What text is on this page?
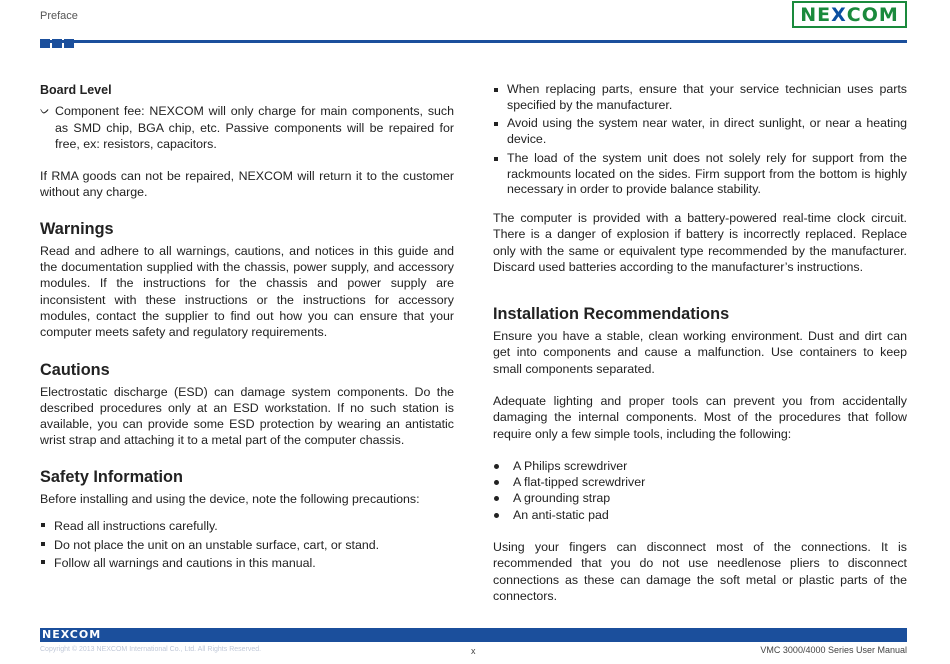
Preface	NE X COM

Board Level

ᨆ Component fee: NEXCOM will only charge for main components, such as SMD chip, BGA chip, etc. Passive components will be repaired for free, ex: resistors, capacitors.

If RMA goods can not be repaired, NEXCOM will return it to the customer without any charge.

Warnings

Read and adhere to all warnings, cautions, and notices in this guide and the documentation supplied with the chassis, power supply, and accessory modules. If the instructions for the chassis and power supply are inconsistent with these instructions or the instructions for accessory modules, contact the supplier to find out how you can ensure that your computer meets safety and regulatory requirements.

Cautions

Electrostatic discharge (ESD) can damage system components. Do the described procedures only at an ESD workstation. If no such station is available, you can provide some ESD protection by wearing an antistatic wrist strap and attaching it to a metal part of the computer chassis.

Safety Information

Before installing and using the device, note the following precautions:

Read all instructions carefully.
Do not place the unit on an unstable surface, cart, or stand.
Follow all warnings and cautions in this manual.
When replacing parts, ensure that your service technician uses parts specified by the manufacturer.
Avoid using the system near water, in direct sunlight, or near a heating device.
The load of the system unit does not solely rely for support from the rackmounts located on the sides. Firm support from the bottom is highly necessary in order to provide balance stability.

The computer is provided with a battery-powered real-time clock circuit. There is a danger of explosion if battery is incorrectly replaced. Replace only with the same or equivalent type recommended by the manufacturer. Discard used batteries according to the manufacturer’s instructions.

Installation Recommendations

Ensure you have a stable, clean working environment. Dust and dirt can get into components and cause a malfunction. Use containers to keep small components separated.

Adequate lighting and proper tools can prevent you from accidentally damaging the internal components. Most of the procedures that follow require only a few simple tools, including the following:

A Philips screwdriver
A flat-tipped screwdriver
A grounding strap
An anti-static pad

Using your fingers can disconnect most of the connections. It is recommended that you do not use needlenose pliers to disconnect connections as these can damage the soft metal or plastic parts of the connectors.

NEXCOM
Copyright © 2013 NEXCOM International Co., Ltd. All Rights Reserved.	x	VMC 3000/4000 Series User Manual
